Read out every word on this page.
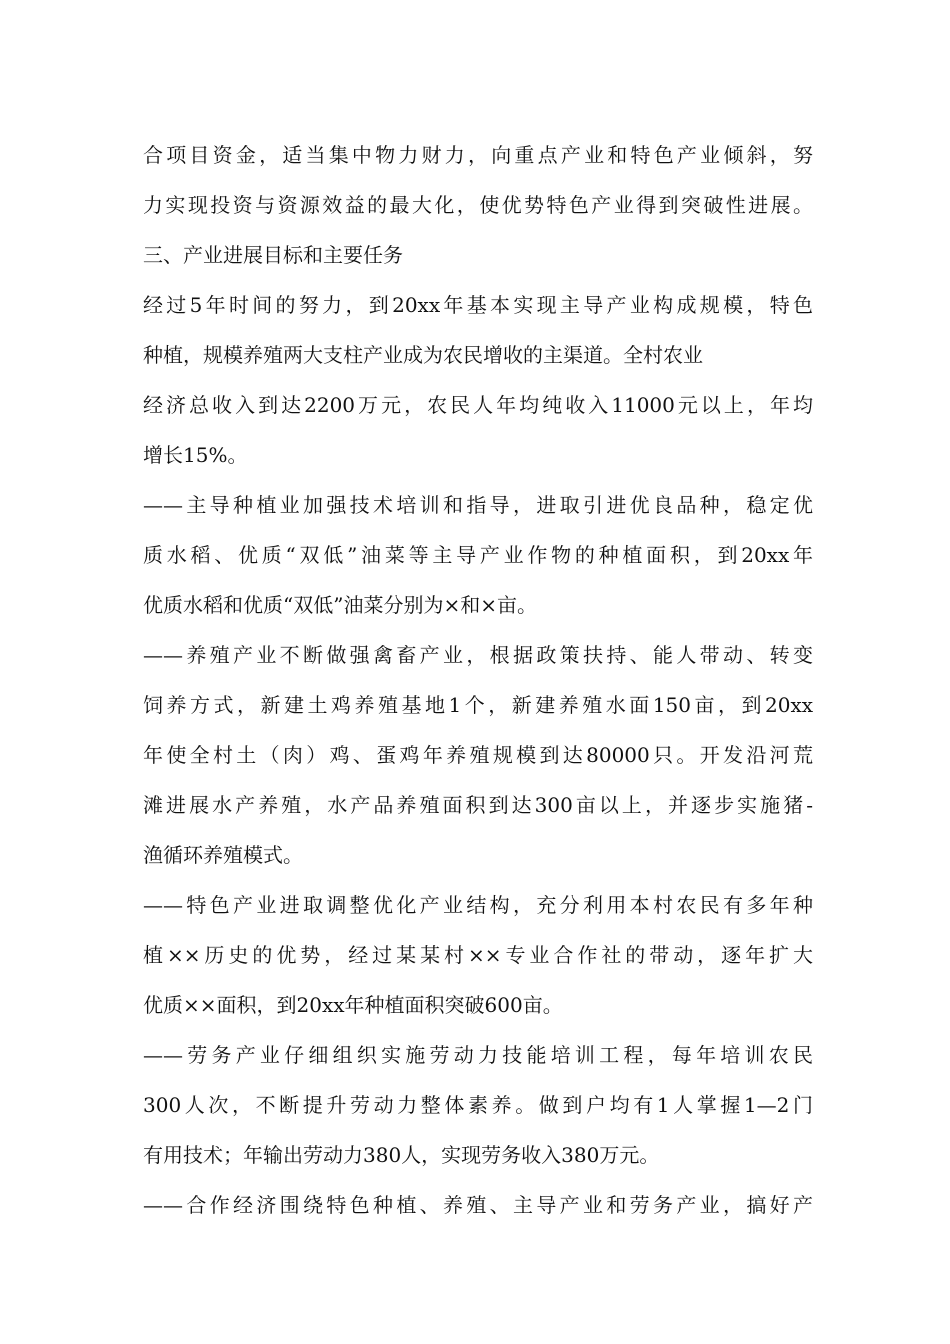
合项目资金，适当集中物力财力，向重点产业和特色产业倾斜，努
力实现投资与资源效益的最大化，使优势特色产业得到突破性进展。
三、产业进展目标和主要任务
经过5年时间的努力，到20xx年基本实现主导产业构成规模，特色
种植，规模养殖两大支柱产业成为农民增收的主渠道。全村农业
经济总收入到达2200万元，农民人年均纯收入11000元以上，年均
增长15%。
——主导种植业加强技术培训和指导，进取引进优良品种，稳定优
质水稻、优质“双低”油菜等主导产业作物的种植面积，到20xx年
优质水稻和优质“双低”油菜分别为×和×亩。
——养殖产业不断做强禽畜产业，根据政策扶持、能人带动、转变
饲养方式，新建土鸡养殖基地1个，新建养殖水面150亩，到20xx
年使全村土（肉）鸡、蛋鸡年养殖规模到达80000只。开发沿河荒
滩进展水产养殖，水产品养殖面积到达300亩以上，并逐步实施猪-
渔循环养殖模式。
——特色产业进取调整优化产业结构，充分利用本村农民有多年种
植××历史的优势，经过某某村××专业合作社的带动，逐年扩大
优质××面积，到20xx年种植面积突破600亩。
——劳务产业仔细组织实施劳动力技能培训工程，每年培训农民
300人次，不断提升劳动力整体素养。做到户均有1人掌握1—2门
有用技术；年输出劳动力380人，实现劳务收入380万元。
——合作经济围绕特色种植、养殖、主导产业和劳务产业，搞好产
